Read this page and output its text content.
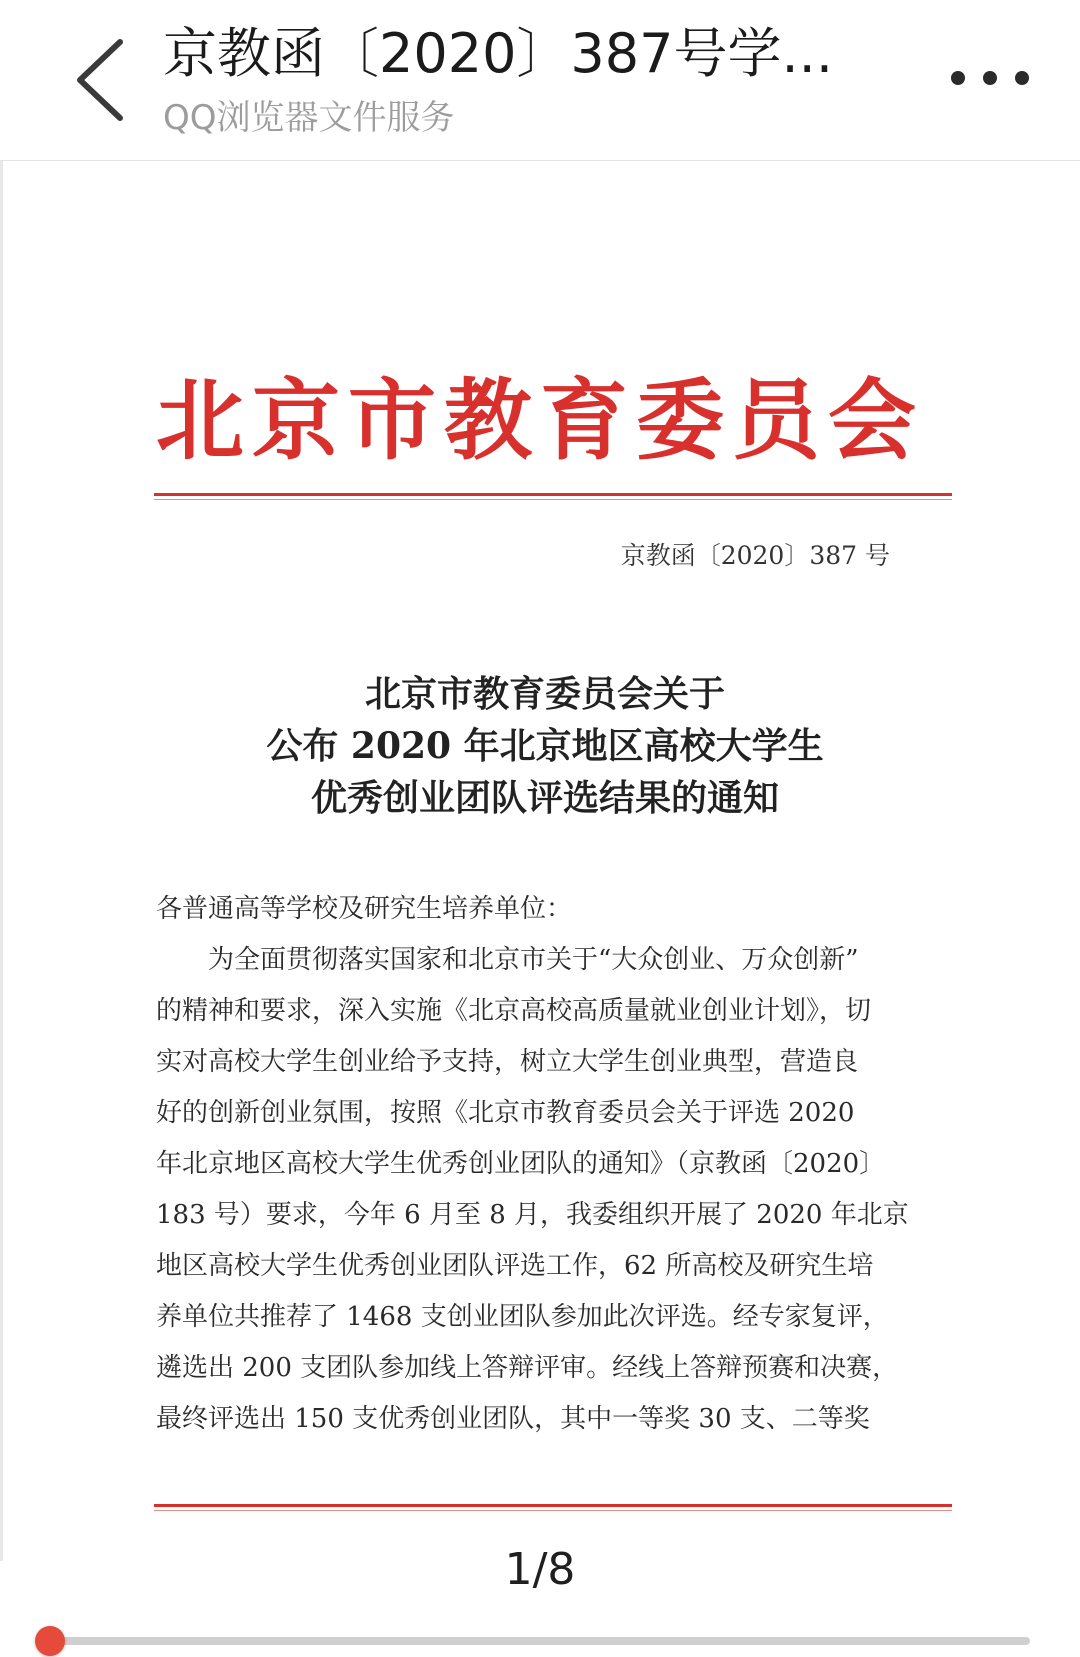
京教函〔2020〕387号学...
QQ浏览器文件服务
北京市教育委员会
京教函〔2020〕387 号
北京市教育委员会关于
公布 2020 年北京地区高校大学生
优秀创业团队评选结果的通知
各普通高等学校及研究生培养单位：
　　为全面贯彻落实国家和北京市关于“大众创业、万众创新”
的精神和要求，深入实施《北京高校高质量就业创业计划》，切
实对高校大学生创业给予支持，树立大学生创业典型，营造良
好的创新创业氛围，按照《北京市教育委员会关于评选 2020
年北京地区高校大学生优秀创业团队的通知》（京教函〔2020〕
183 号）要求，今年 6 月至 8 月，我委组织开展了 2020 年北京
地区高校大学生优秀创业团队评选工作，62 所高校及研究生培
养单位共推荐了 1468 支创业团队参加此次评选。经专家复评，
遴选出 200 支团队参加线上答辩评审。经线上答辩预赛和决赛，
最终评选出 150 支优秀创业团队，其中一等奖 30 支、二等奖
1/8
